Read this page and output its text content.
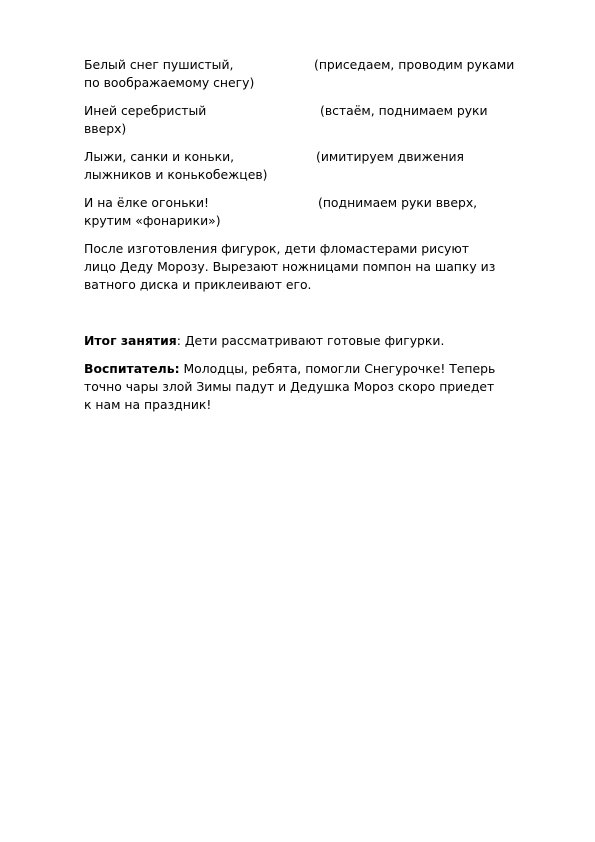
Белый снег пушистый,	(приседаем, проводим руками
по воображаемому снегу)
Иней серебристый	(встаём, поднимаем руки
вверх)
Лыжи, санки и коньки,	(имитируем движения
лыжников и конькобежцев)
И на ёлке огоньки!	(поднимаем руки вверх,
крутим «фонарики»)

После изготовления фигурок, дети фломастерами рисуют
лицо Деду Морозу. Вырезают ножницами помпон на шапку из
ватного диска и приклеивают его.

Итог занятия: Дети рассматривают готовые фигурки.

Воспитатель: Молодцы, ребята, помогли Снегурочке! Теперь
точно чары злой Зимы падут и Дедушка Мороз скоро приедет
к нам на праздник!
